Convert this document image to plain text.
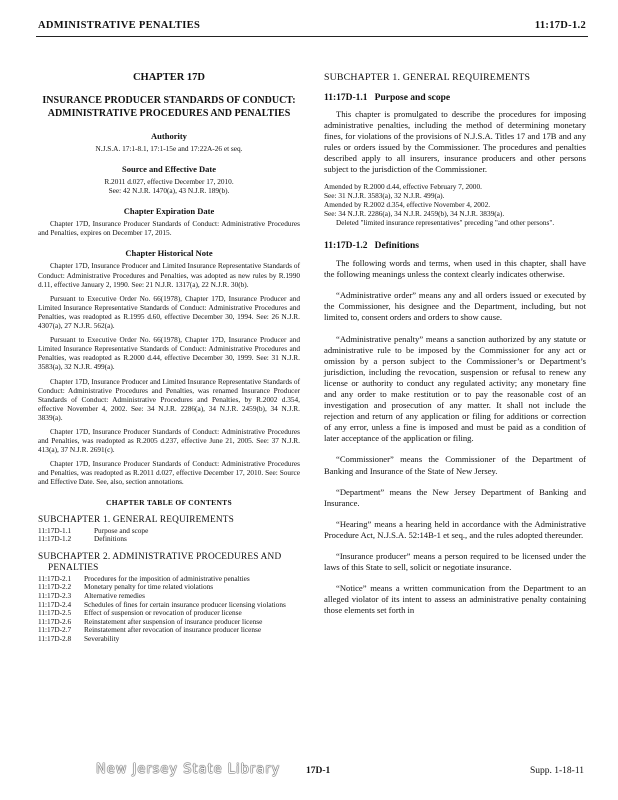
ADMINISTRATIVE PENALTIES	11:17D-1.2

CHAPTER 17D

INSURANCE PRODUCER STANDARDS OF CONDUCT: ADMINISTRATIVE PROCEDURES AND PENALTIES

Authority

N.J.S.A. 17:1-8.1, 17:1-15e and 17:22A-26 et seq.

Source and Effective Date

R.2011 d.027, effective December 17, 2010.

See: 42 N.J.R. 1470(a), 43 N.J.R. 189(b).

Chapter Expiration Date

Chapter 17D, Insurance Producer Standards of Conduct: Administrative Procedures and Penalties, expires on December 17, 2015.

Chapter Historical Note

Chapter 17D, Insurance Producer and Limited Insurance Representative Standards of Conduct: Administrative Procedures and Penalties, was adopted as new rules by R.1990 d.11, effective January 2, 1990. See: 21 N.J.R. 1317(a), 22 N.J.R. 30(b).

Pursuant to Executive Order No. 66(1978), Chapter 17D, Insurance Producer and Limited Insurance Representative Standards of Conduct: Administrative Procedures and Penalties, was readopted as R.1995 d.60, effective December 30, 1994. See: 26 N.J.R. 4307(a), 27 N.J.R. 562(a).

Pursuant to Executive Order No. 66(1978), Chapter 17D, Insurance Producer and Limited Insurance Representative Standards of Conduct: Administrative Procedures and Penalties, was readopted as R.2000 d.44, effective December 30, 1999. See: 31 N.J.R. 3583(a), 32 N.J.R. 499(a).

Chapter 17D, Insurance Producer and Limited Insurance Representative Standards of Conduct: Administrative Procedures and Penalties, was renamed Insurance Producer Standards of Conduct: Administrative Procedures and Penalties, by R.2002 d.354, effective November 4, 2002. See: 34 N.J.R. 2286(a), 34 N.J.R. 2459(b), 34 N.J.R. 3839(a).

Chapter 17D, Insurance Producer Standards of Conduct: Administrative Procedures and Penalties, was readopted as R.2005 d.237, effective June 21, 2005. See: 37 N.J.R. 413(a), 37 N.J.R. 2691(c).

Chapter 17D, Insurance Producer Standards of Conduct: Administrative Procedures and Penalties, was readopted as R.2011 d.027, effective December 17, 2010. See: Source and Effective Date. See, also, section annotations.

CHAPTER TABLE OF CONTENTS

SUBCHAPTER 1. GENERAL REQUIREMENTS

11:17D-1.1	Purpose and scope
11:17D-1.2	Definitions

SUBCHAPTER 2. ADMINISTRATIVE PROCEDURES AND PENALTIES

11:17D-2.1	Procedures for the imposition of administrative penalties
11:17D-2.2	Monetary penalty for time related violations
11:17D-2.3	Alternative remedies
11:17D-2.4	Schedules of fines for certain insurance producer licensing violations
11:17D-2.5	Effect of suspension or revocation of producer license
11:17D-2.6	Reinstatement after suspension of insurance producer license
11:17D-2.7	Reinstatement after revocation of insurance producer license
11:17D-2.8	Severability

SUBCHAPTER 1. GENERAL REQUIREMENTS

11:17D-1.1   Purpose and scope

This chapter is promulgated to describe the procedures for imposing administrative penalties, including the method of determining monetary fines, for violations of the provisions of N.J.S.A. Titles 17 and 17B and any rules or orders issued by the Commissioner. The procedures and penalties described apply to all insurers, insurance producers and other persons subject to the jurisdiction of the Commissioner.

Amended by R.2000 d.44, effective February 7, 2000.

See: 31 N.J.R. 3583(a), 32 N.J.R. 499(a).

Amended by R.2002 d.354, effective November 4, 2002.

See: 34 N.J.R. 2286(a), 34 N.J.R. 2459(b), 34 N.J.R. 3839(a).

Deleted "limited insurance representatives" preceding "and other persons".

11:17D-1.2   Definitions

The following words and terms, when used in this chapter, shall have the following meanings unless the context clearly indicates otherwise.

“Administrative order” means any and all orders issued or executed by the Commissioner, his designee and the Department, including, but not limited to, consent orders and orders to show cause.

“Administrative penalty” means a sanction authorized by any statute or administrative rule to be imposed by the Commissioner for any act or omission by a person subject to the Commissioner’s or Department’s jurisdiction, including the revocation, suspension or refusal to renew any license or authority to conduct any regulated activity; any monetary fine and any order to make restitution or to pay the reasonable cost of an investigation and prosecution of any matter. It shall not include the rejection and return of any application or filing for additions or correction of any error, unless a fine is imposed and must be paid as a condition of later acceptance of the application or filing.

“Commissioner” means the Commissioner of the Department of Banking and Insurance of the State of New Jersey.

“Department” means the New Jersey Department of Banking and Insurance.

“Hearing” means a hearing held in accordance with the Administrative Procedure Act, N.J.S.A. 52:14B-1 et seq., and the rules adopted thereunder.

“Insurance producer” means a person required to be licensed under the laws of this State to sell, solicit or negotiate insurance.

“Notice” means a written communication from the Department to an alleged violator of its intent to assess an administrative penalty containing those elements set forth in

New Jersey State Library	17D-1	Supp. 1-18-11
